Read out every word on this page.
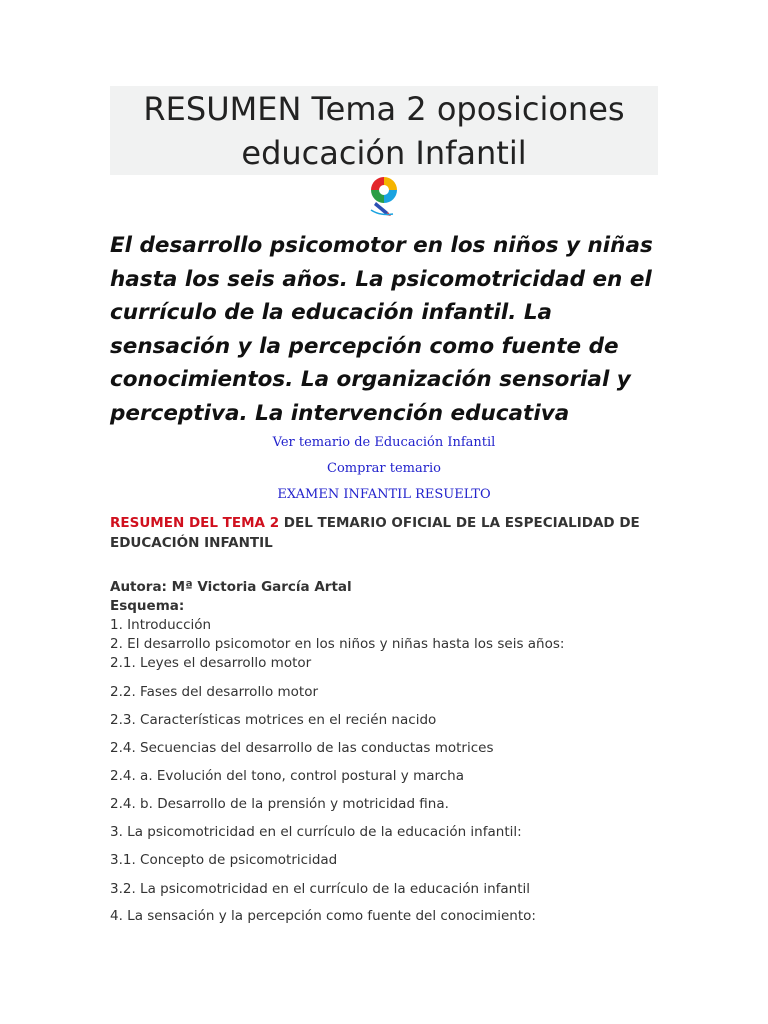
RESUMEN Tema 2 oposiciones educación Infantil

El desarrollo psicomotor en los niños y niñas hasta los seis años. La psicomotricidad en el currículo de la educación infantil. La sensación y la percepción como fuente de conocimientos. La organización sensorial y perceptiva. La intervención educativa

Ver temario de Educación Infantil
Comprar temario
EXAMEN INFANTIL RESUELTO

RESUMEN DEL TEMA 2 DEL TEMARIO OFICIAL DE LA ESPECIALIDAD DE EDUCACIÓN INFANTIL

Autora: Mª Victoria García Artal
Esquema:
1. Introducción
2. El desarrollo psicomotor en los niños y niñas hasta los seis años:
2.1. Leyes el desarrollo motor
2.2. Fases del desarrollo motor
2.3. Características motrices en el recién nacido
2.4. Secuencias del desarrollo de las conductas motrices
2.4. a. Evolución del tono, control postural y marcha
2.4. b. Desarrollo de la prensión y motricidad fina.
3. La psicomotricidad en el currículo de la educación infantil:
3.1. Concepto de psicomotricidad
3.2. La psicomotricidad en el currículo de la educación infantil
4. La sensación y la percepción como fuente del conocimiento:
